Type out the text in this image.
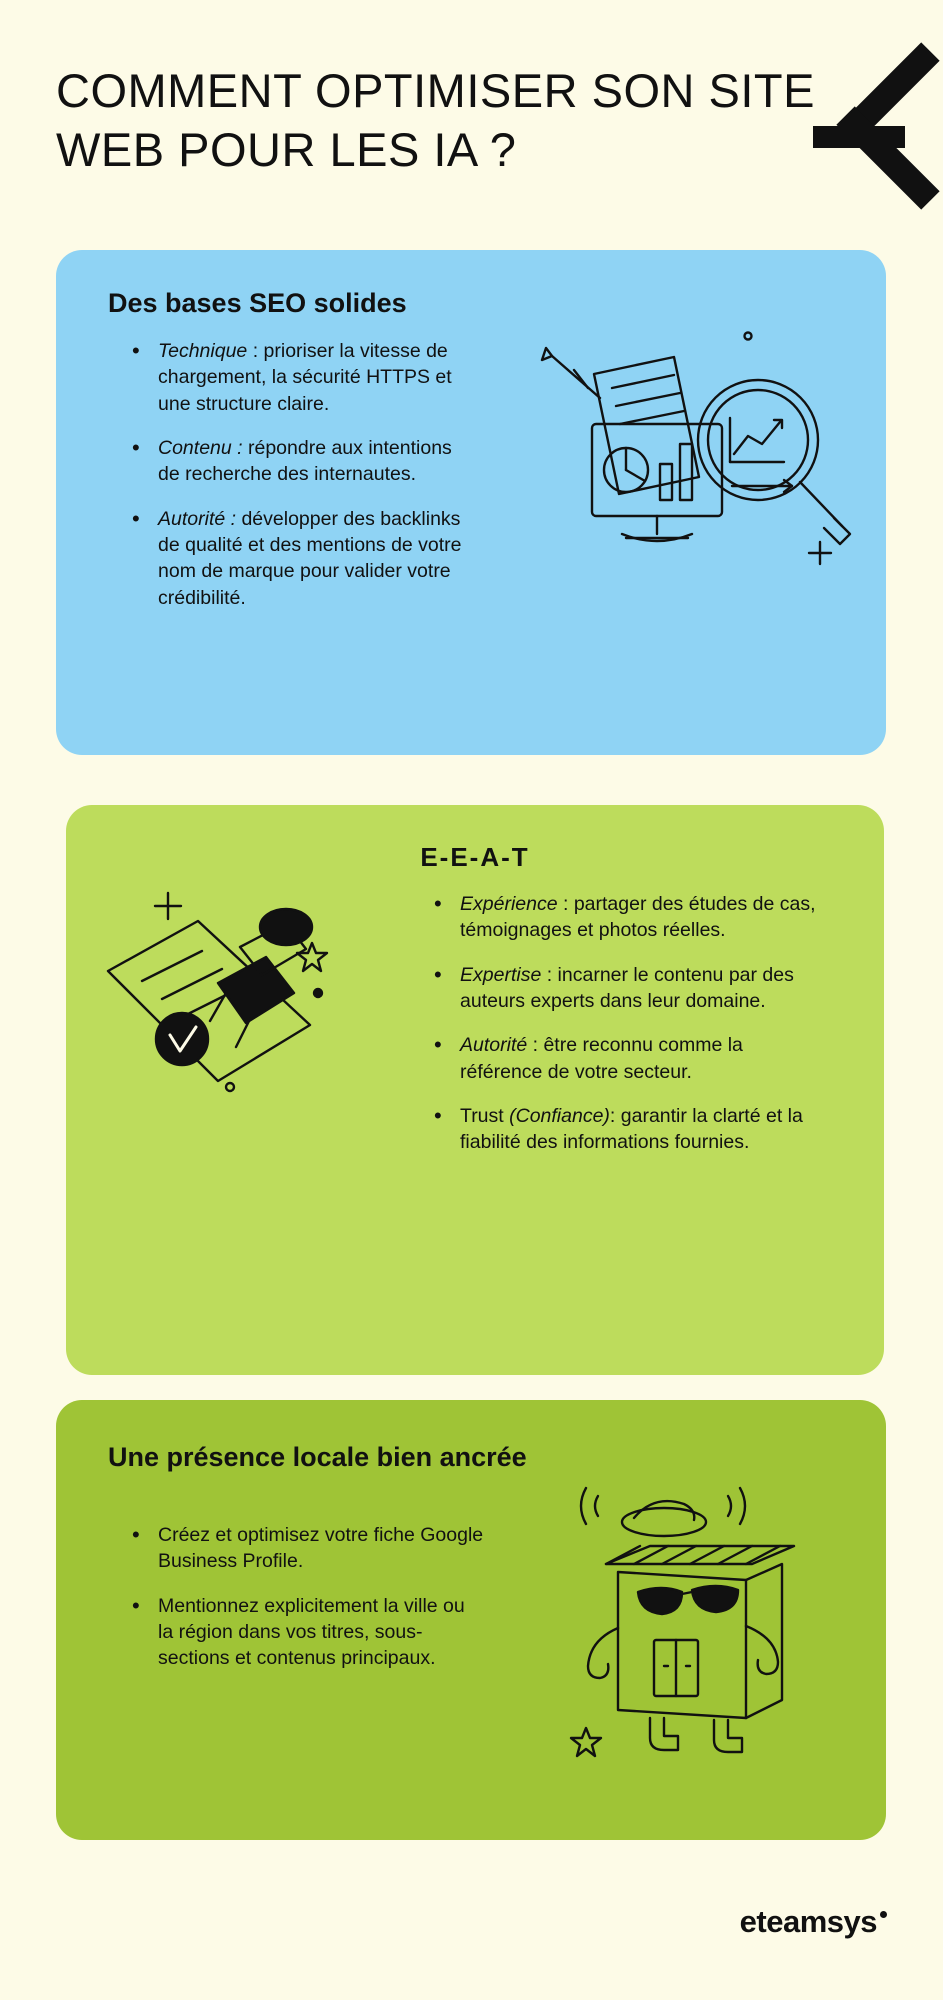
COMMENT OPTIMISER SON SITE WEB POUR LES IA ?
Des bases SEO solides
• Technique : prioriser la vitesse de chargement, la sécurité HTTPS et une structure claire.
• Contenu : répondre aux intentions de recherche des internautes.
• Autorité : développer des backlinks de qualité et des mentions de votre nom de marque pour valider votre crédibilité.
E-E-A-T
• Expérience : partager des études de cas, témoignages et photos réelles.
• Expertise : incarner le contenu par des auteurs experts dans leur domaine.
• Autorité : être reconnu comme la référence de votre secteur.
• Trust (Confiance): garantir la clarté et la fiabilité des informations fournies.
Une présence locale bien ancrée
• Créez et optimisez votre fiche Google Business Profile.
• Mentionnez explicitement la ville ou la région dans vos titres, sous-sections et contenus principaux.
eteamsys
